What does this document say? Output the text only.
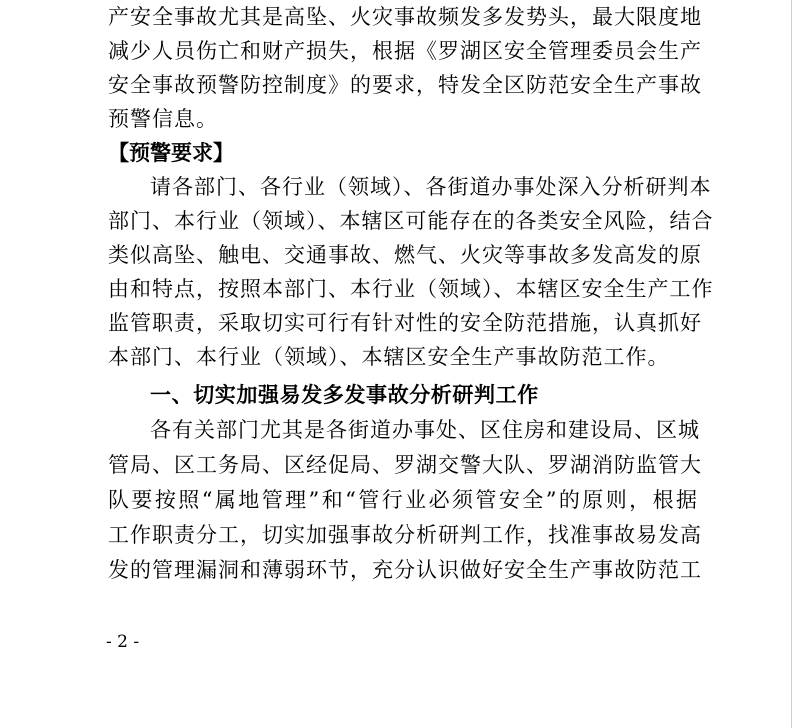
产安全事故尤其是高坠、火灾事故频发多发势头，最大限度地
减少人员伤亡和财产损失，根据《罗湖区安全管理委员会生产
安全事故预警防控制度》的要求，特发全区防范安全生产事故
预警信息。
【预警要求】
请各部门、各行业（领域）、各街道办事处深入分析研判本
部门、本行业（领域）、本辖区可能存在的各类安全风险，结合
类似高坠、触电、交通事故、燃气、火灾等事故多发高发的原
由和特点，按照本部门、本行业（领域）、本辖区安全生产工作
监管职责，采取切实可行有针对性的安全防范措施，认真抓好
本部门、本行业（领域）、本辖区安全生产事故防范工作。
一、切实加强易发多发事故分析研判工作
各有关部门尤其是各街道办事处、区住房和建设局、区城
管局、区工务局、区经促局、罗湖交警大队、罗湖消防监管大
队要按照“属地管理”和“管行业必须管安全”的原则，根据
工作职责分工，切实加强事故分析研判工作，找准事故易发高
发的管理漏洞和薄弱环节，充分认识做好安全生产事故防范工
- 2 -
